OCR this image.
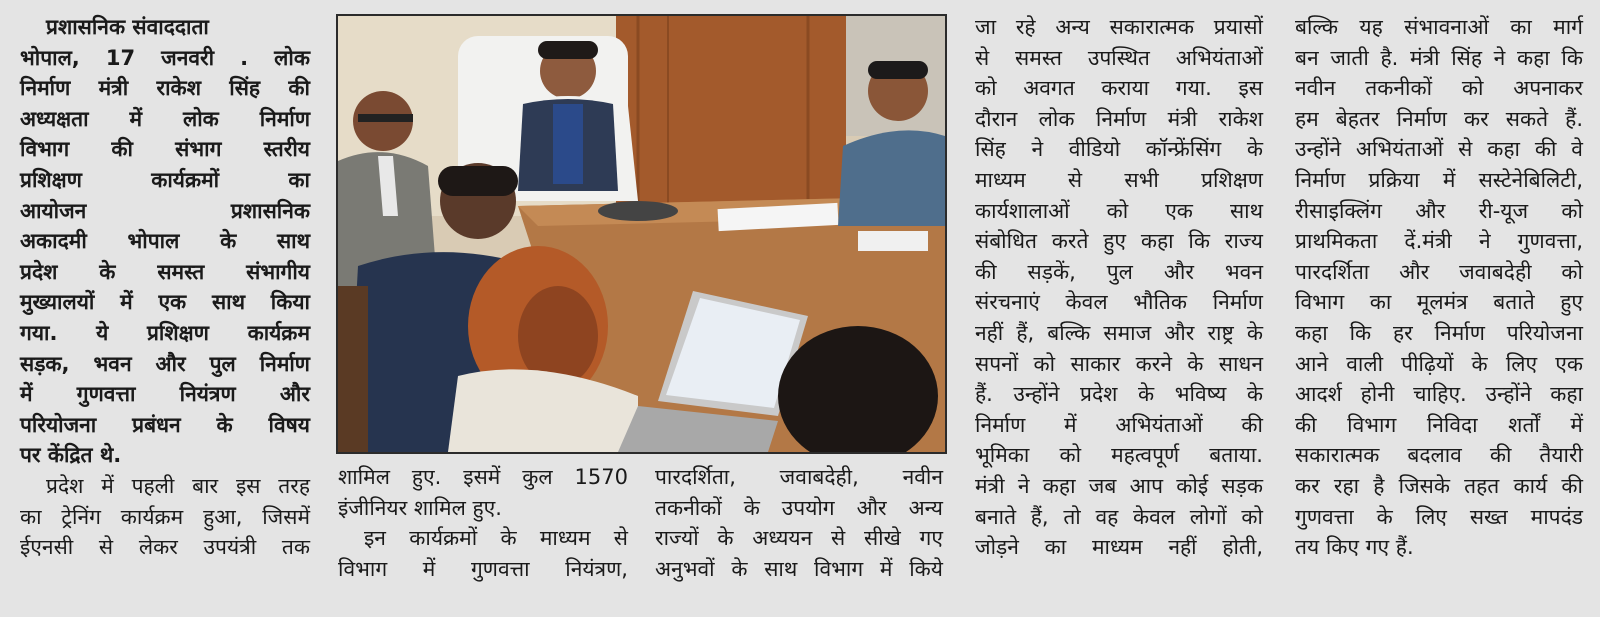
प्रशासनिक संवाददाता

भोपाल, 17 जनवरी . लोक

निर्माण मंत्री राकेश सिंह की

अध्यक्षता में लोक निर्माण

विभाग की संभाग स्तरीय

प्रशिक्षण कार्यक्रमों का

आयोजन प्रशासनिक

अकादमी भोपाल के साथ

प्रदेश के समस्त संभागीय

मुख्यालयों में एक साथ किया

गया. ये प्रशिक्षण कार्यक्रम

सड़क, भवन और पुल निर्माण

में गुणवत्ता नियंत्रण और

परियोजना प्रबंधन के विषय

पर केंद्रित थे.

प्रदेश में पहली बार इस तरह

का ट्रेनिंग कार्यक्रम हुआ, जिसमें

ईएनसी से लेकर उपयंत्री तक

शामिल हुए. इसमें कुल 1570

इंजीनियर शामिल हुए.

इन कार्यक्रमों के माध्यम से

विभाग में गुणवत्ता नियंत्रण,

पारदर्शिता, जवाबदेही, नवीन

तकनीकों के उपयोग और अन्य

राज्यों के अध्ययन से सीखे गए

अनुभवों के साथ विभाग में किये

जा रहे अन्य सकारात्मक प्रयासों

से समस्त उपस्थित अभियंताओं

को अवगत कराया गया. इस

दौरान लोक निर्माण मंत्री राकेश

सिंह ने वीडियो कॉन्फ्रेंसिंग के

माध्यम से सभी प्रशिक्षण

कार्यशालाओं को एक साथ

संबोधित करते हुए कहा कि राज्य

की सड़कें, पुल और भवन

संरचनाएं केवल भौतिक निर्माण

नहीं हैं, बल्कि समाज और राष्ट्र के

सपनों को साकार करने के साधन

हैं. उन्होंने प्रदेश के भविष्य के

निर्माण में अभियंताओं की

भूमिका को महत्वपूर्ण बताया.

मंत्री ने कहा जब आप कोई सड़क

बनाते हैं, तो वह केवल लोगों को

जोड़ने का माध्यम नहीं होती,

बल्कि यह संभावनाओं का मार्ग

बन जाती है. मंत्री सिंह ने कहा कि

नवीन तकनीकों को अपनाकर

हम बेहतर निर्माण कर सकते हैं.

उन्होंने अभियंताओं से कहा की वे

निर्माण प्रक्रिया में सस्टेनेबिलिटी,

रीसाइक्लिंग और री-यूज को

प्राथमिकता दें.मंत्री ने गुणवत्ता,

पारदर्शिता और जवाबदेही को

विभाग का मूलमंत्र बताते हुए

कहा कि हर निर्माण परियोजना

आने वाली पीढ़ियों के लिए एक

आदर्श होनी चाहिए. उन्होंने कहा

की विभाग निविदा शर्तों में

सकारात्मक बदलाव की तैयारी

कर रहा है जिसके तहत कार्य की

गुणवत्ता के लिए सख्त मापदंड

तय किए गए हैं.
